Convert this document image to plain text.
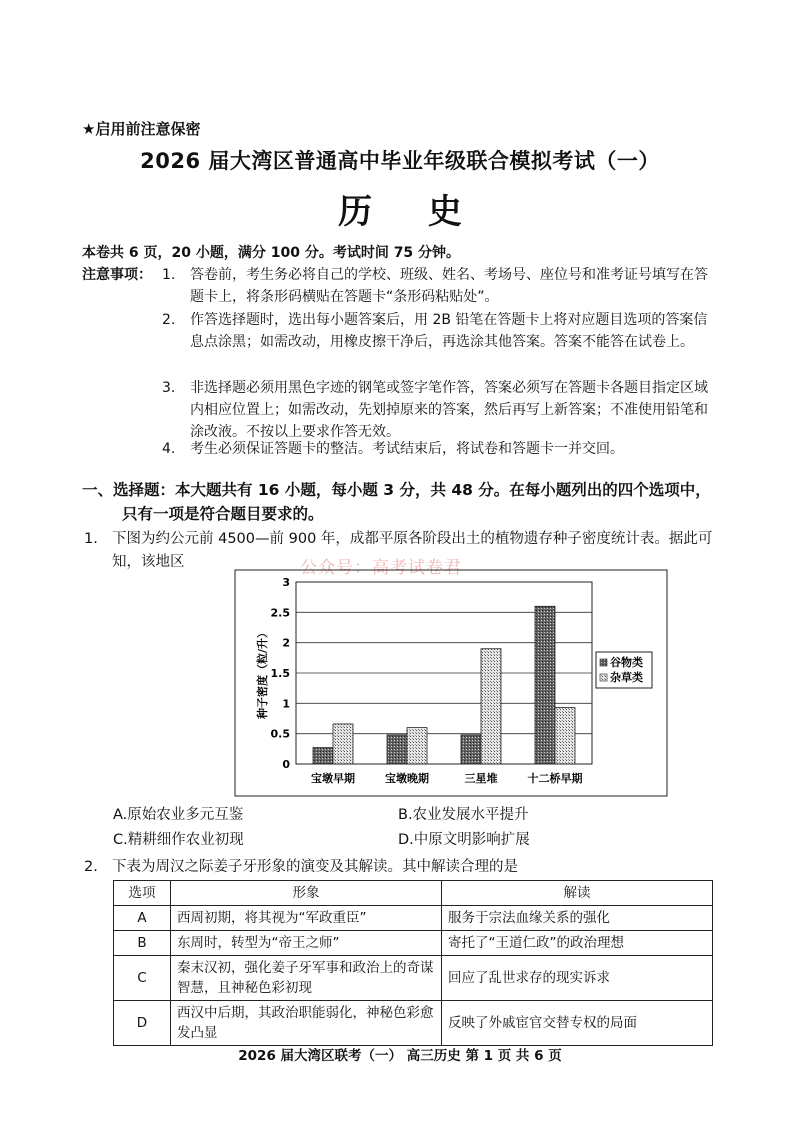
★启用前注意保密
2026 届大湾区普通高中毕业年级联合模拟考试（一）
历 史
本卷共 6 页，20 小题，满分 100 分。考试时间 75 分钟。
注意事项： 1. 答卷前，考生务必将自己的学校、班级、姓名、考场号、座位号和准考证号填写在答题卡上，将条形码横贴在答题卡“条形码粘贴处”。
2. 作答选择题时，选出每小题答案后，用 2B 铅笔在答题卡上将对应题目选项的答案信息点涂黑；如需改动，用橡皮擦干净后，再选涂其他答案。答案不能答在试卷上。
3. 非选择题必须用黑色字迹的钢笔或签字笔作答，答案必须写在答题卡各题目指定区域内相应位置上；如需改动，先划掉原来的答案，然后再写上新答案；不准使用铅笔和涂改液。不按以上要求作答无效。
4. 考生必须保证答题卡的整洁。考试结束后，将试卷和答题卡一并交回。
一、选择题：本大题共有 16 小题，每小题 3 分，共 48 分。在每小题列出的四个选项中，
只有一项是符合题目要求的。
1. 下图为约公元前 4500—前 900 年，成都平原各阶段出土的植物遗存种子密度统计表。据此可知，该地区	公众号：高考试卷君
0
0.5
1
1.5
2
2.5
3
宝墩早期	宝墩晚期	三星堆	十二桥早期
种子密度（粒/升）	谷物类
杂草类
A.原始农业多元互鉴	B.农业发展水平提升
C.精耕细作农业初现	D.中原文明影响扩展
2. 下表为周汉之际姜子牙形象的演变及其解读。其中解读合理的是
选项	形象	解读
A	西周初期，将其视为“军政重臣”	服务于宗法血缘关系的强化
B	东周时，转型为“帝王之师”	寄托了“王道仁政”的政治理想
C	秦末汉初，强化姜子牙军事和政治上的奇谋智慧，且神秘色彩初现	回应了乱世求存的现实诉求
D	西汉中后期，其政治职能弱化，神秘色彩愈发凸显	反映了外戚宦官交替专权的局面
2026 届大湾区联考（一） 高三历史 第 1 页 共 6 页
